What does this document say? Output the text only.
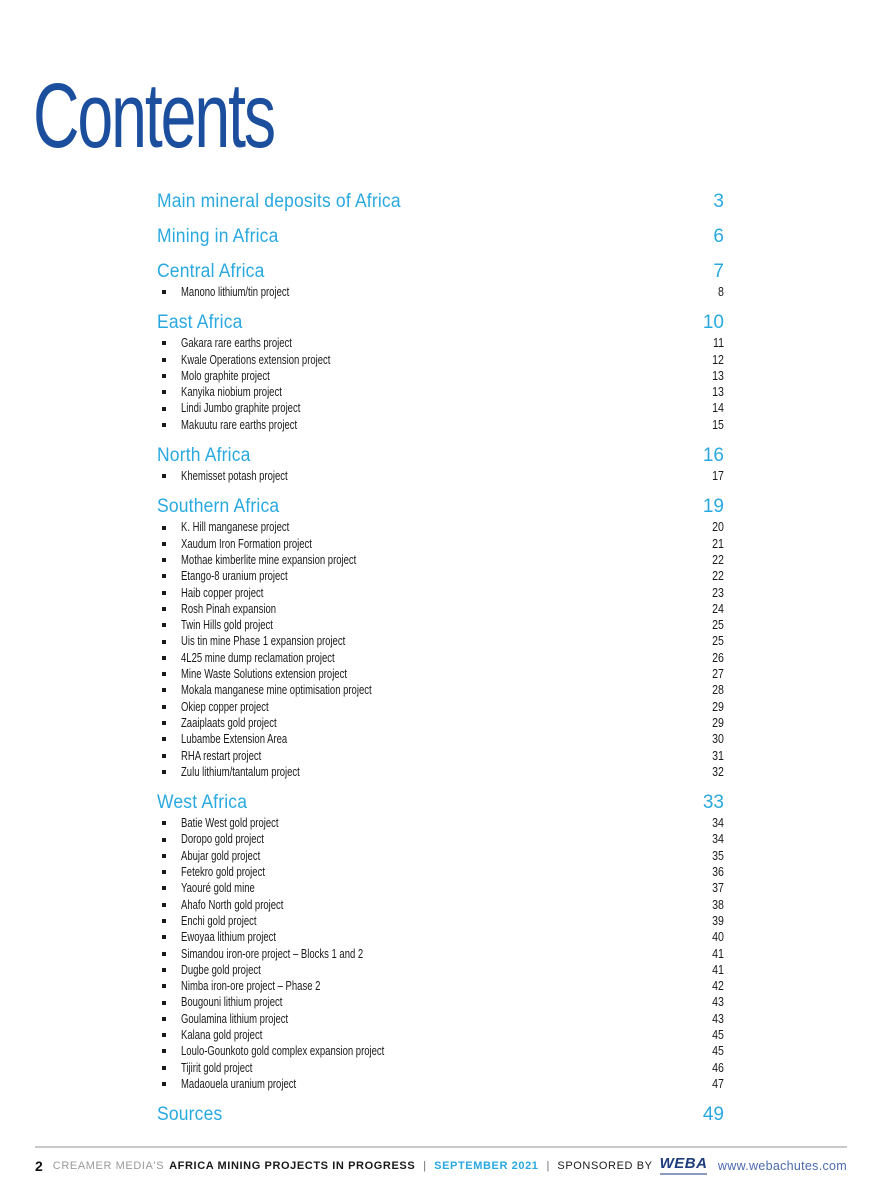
Contents
Main mineral deposits of Africa	3
Mining in Africa	6
Central Africa	7
Manono lithium/tin project	8
East Africa	10
Gakara rare earths project	11
Kwale Operations extension project	12
Molo graphite project	13
Kanyika niobium project	13
Lindi Jumbo graphite project	14
Makuutu rare earths project	15
North Africa	16
Khemisset potash project	17
Southern Africa	19
K. Hill manganese project	20
Xaudum Iron Formation project	21
Mothae kimberlite mine expansion project	22
Etango-8 uranium project	22
Haib copper project	23
Rosh Pinah expansion	24
Twin Hills gold project	25
Uis tin mine Phase 1 expansion project	25
4L25 mine dump reclamation project	26
Mine Waste Solutions extension project	27
Mokala manganese mine optimisation project	28
Okiep copper project	29
Zaaiplaats gold project	29
Lubambe Extension Area	30
RHA restart project	31
Zulu lithium/tantalum project	32
West Africa	33
Batie West gold project	34
Doropo gold project	34
Abujar gold project	35
Fetekro gold project	36
Yaouré gold mine	37
Ahafo North gold project	38
Enchi gold project	39
Ewoyaa lithium project	40
Simandou iron-ore project – Blocks 1 and 2	41
Dugbe gold project	41
Nimba iron-ore project – Phase 2	42
Bougouni lithium project	43
Goulamina lithium project	43
Kalana gold project	45
Loulo-Gounkoto gold complex expansion project	45
Tijirit gold project	46
Madaouela uranium project	47
Sources	49
2 CREAMER MEDIA'S AFRICA MINING PROJECTS IN PROGRESS | SEPTEMBER 2021 | SPONSORED BY WEBA www.webachutes.com
